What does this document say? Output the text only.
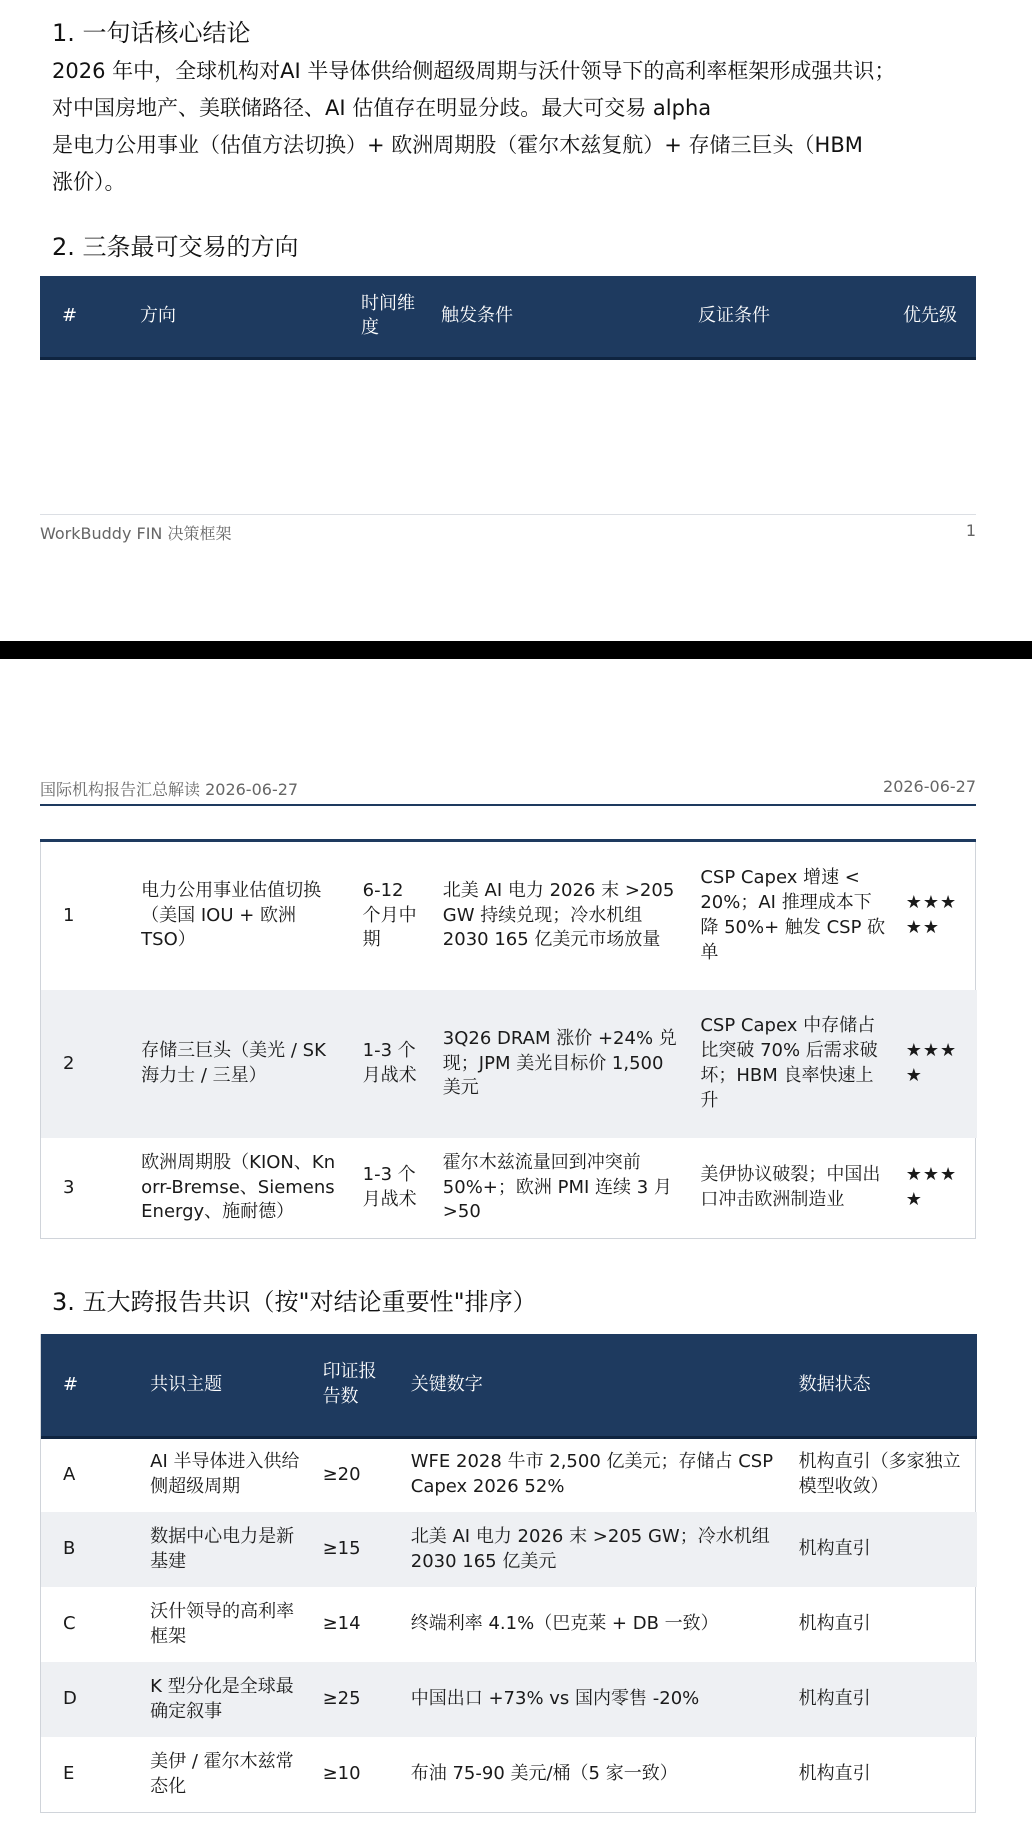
1. 一句话核心结论

2026 年中，全球机构对AI 半导体供给侧超级周期与沃什领导下的高利率框架形成强共识；

对中国房地产、美联储路径、AI 估值存在明显分歧。最大可交易 alpha

是电力公用事业（估值方法切换）+ 欧洲周期股（霍尔木兹复航）+ 存储三巨头（HBM

涨价）。

2. 三条最可交易的方向
#	方向	时间维度	触发条件	反证条件	优先级
WorkBuddy FIN 决策框架	1
国际机构报告汇总解读 2026-06-27	2026-06-27
1	电力公用事业估值切换（美国 IOU + 欧洲 TSO）	6-12 个月中期	北美 AI 电力 2026 末 >205 GW 持续兑现；冷水机组 2030 165 亿美元市场放量	CSP Capex 增速 < 20%；AI 推理成本下降 50%+ 触发 CSP 砍单	★★★★★
2	存储三巨头（美光 / SK 海力士 / 三星）	1-3 个月战术	3Q26 DRAM 涨价 +24% 兑现；JPM 美光目标价 1,500 美元	CSP Capex 中存储占比突破 70% 后需求破坏；HBM 良率快速上升	★★★★
3	欧洲周期股（KION、Knorr-Bremse、Siemens Energy、施耐德）	1-3 个月战术	霍尔木兹流量回到冲突前 50%+；欧洲 PMI 连续 3 月 >50	美伊协议破裂；中国出口冲击欧洲制造业	★★★★
3. 五大跨报告共识（按"对结论重要性"排序）
#	共识主题	印证报告数	关键数字	数据状态
A	AI 半导体进入供给侧超级周期	≥20	WFE 2028 牛市 2,500 亿美元；存储占 CSP Capex 2026 52%	机构直引（多家独立模型收敛）
B	数据中心电力是新基建	≥15	北美 AI 电力 2026 末 >205 GW；冷水机组 2030 165 亿美元	机构直引
C	沃什领导的高利率框架	≥14	终端利率 4.1%（巴克莱 + DB 一致）	机构直引
D	K 型分化是全球最确定叙事	≥25	中国出口 +73% vs 国内零售 -20%	机构直引
E	美伊 / 霍尔木兹常态化	≥10	布油 75-90 美元/桶（5 家一致）	机构直引
